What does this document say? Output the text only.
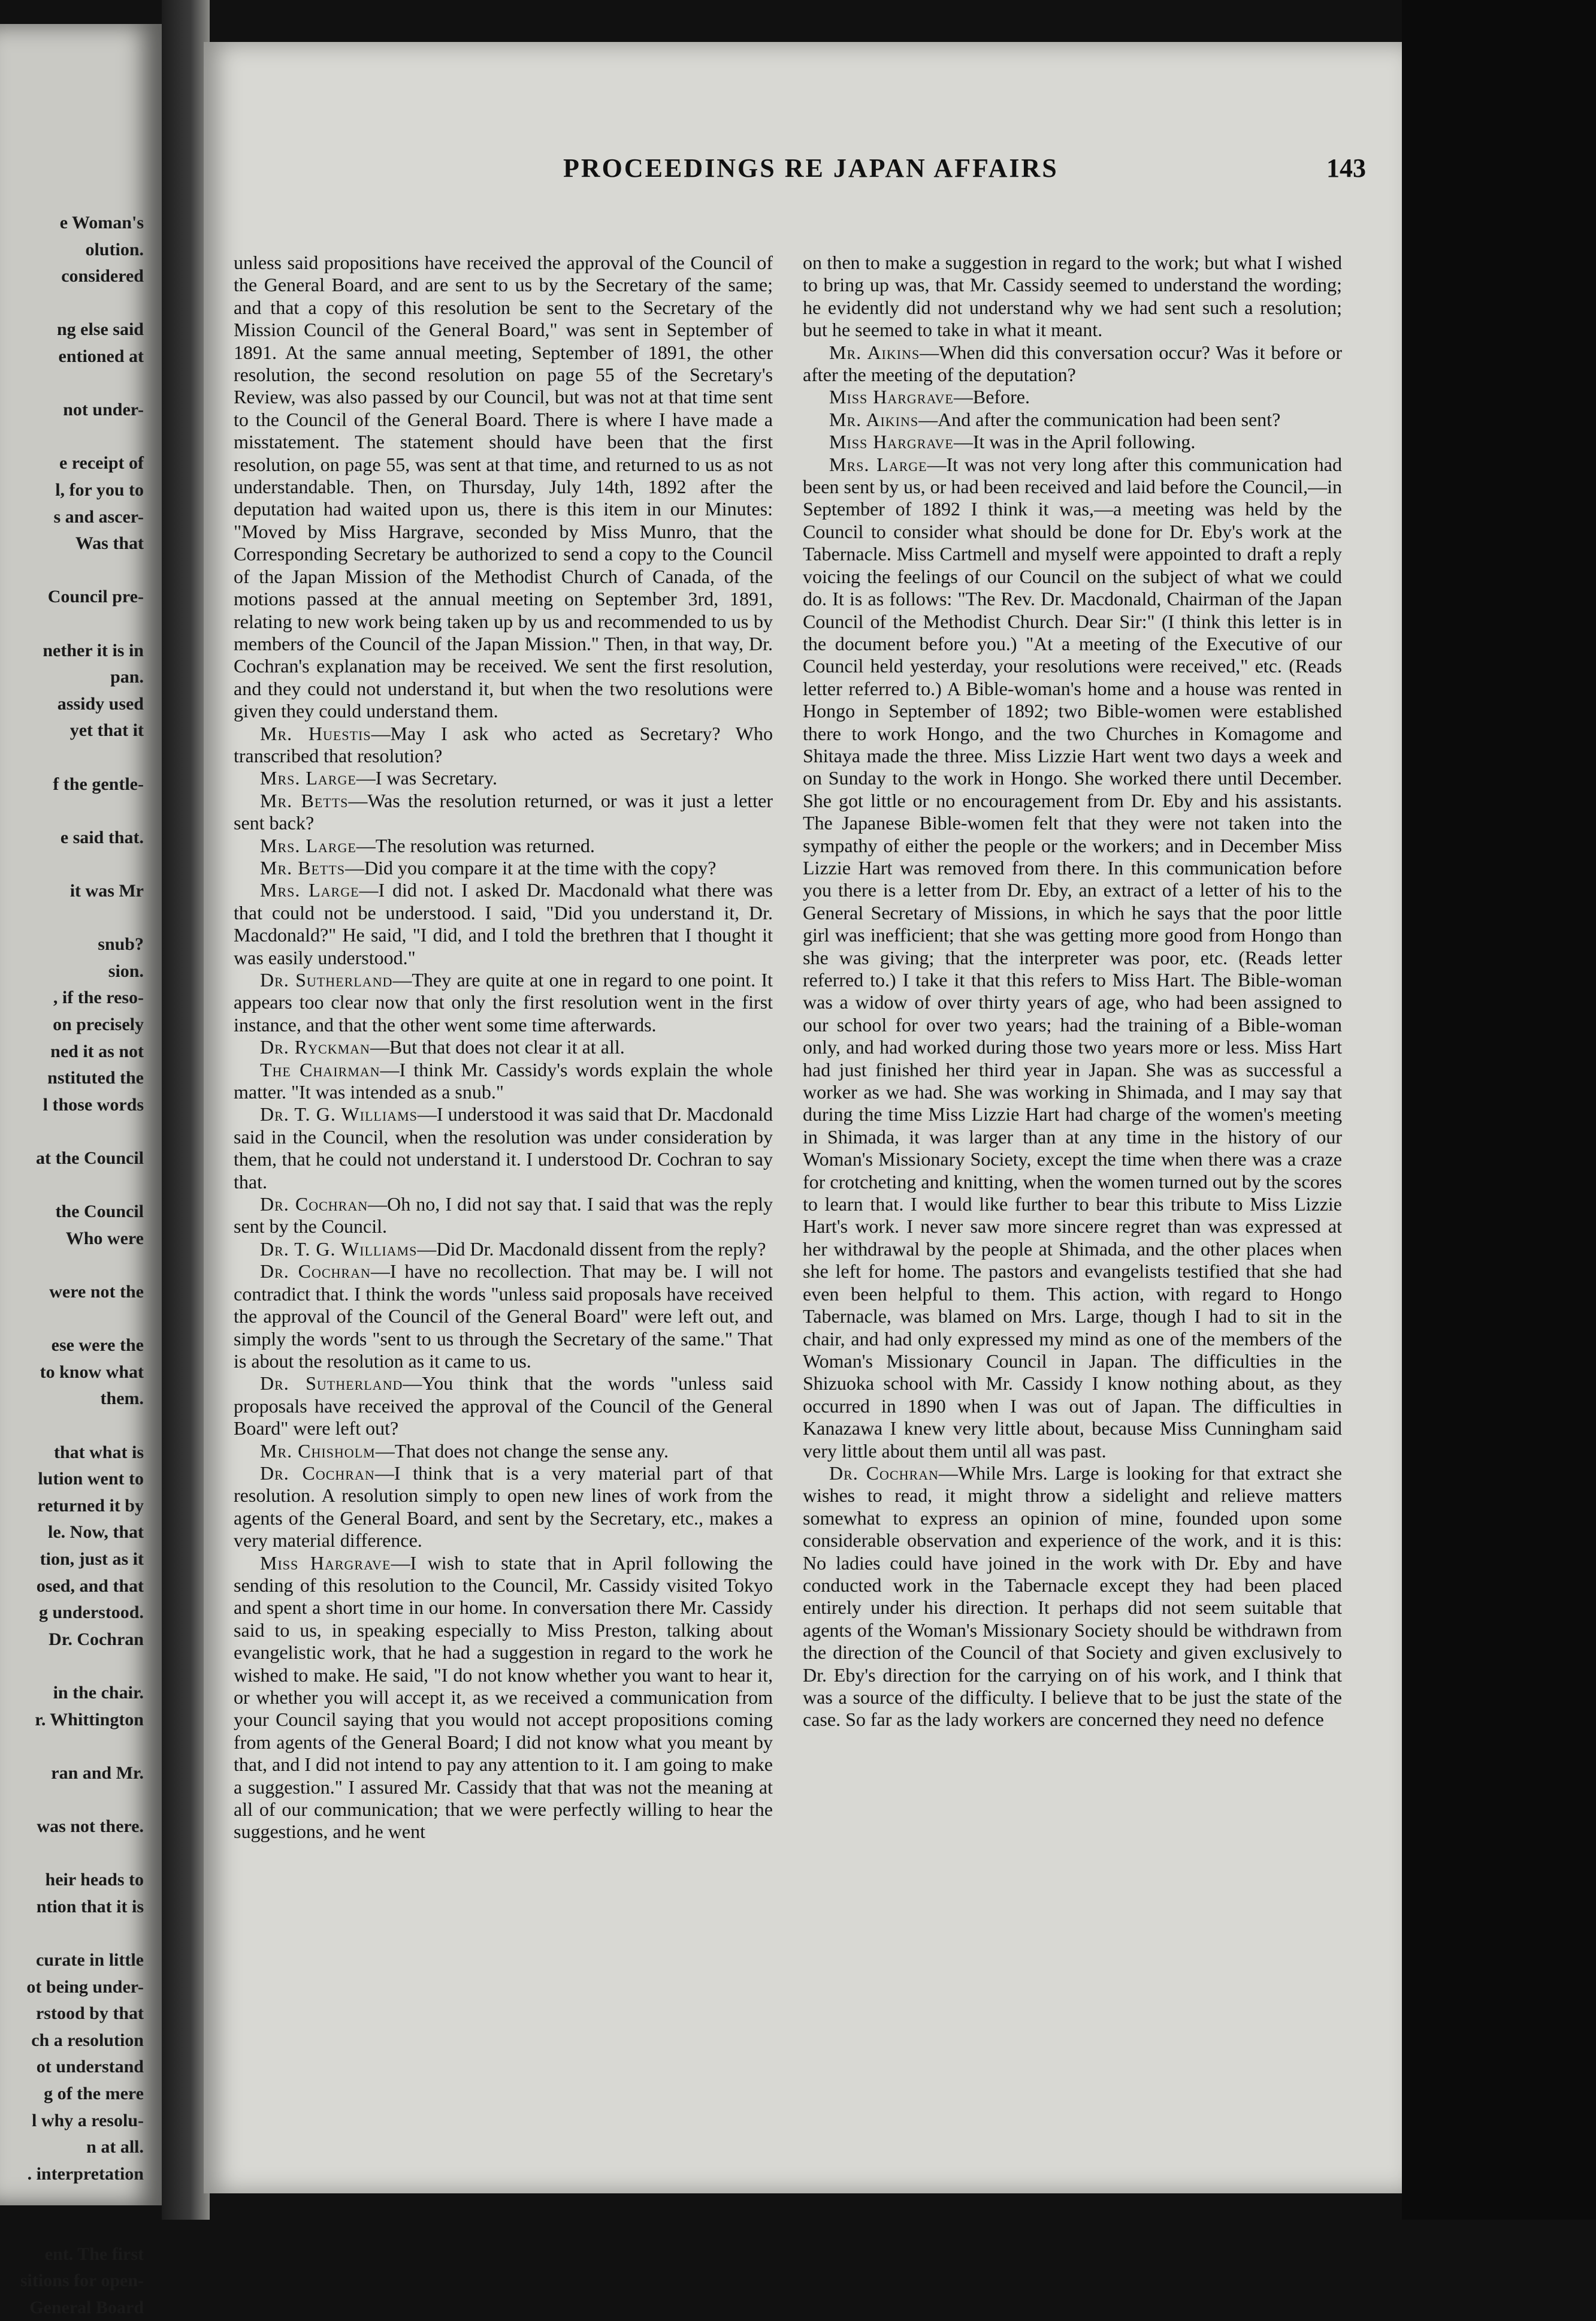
e Woman's
olution.
considered
ng else said
entioned at
not under-
e receipt of
l, for you to
s and ascer-
Was that
Council pre-
nether it is in
pan.
assidy used
yet that it
f the gentle-
e said that.
it was Mr
snub?
sion.
, if the reso-
on precisely
ned it as not
nstituted the
l those words
at the Council
the Council
Who were
were not the
ese were the
to know what
them.
that what is
lution went to
returned it by
le. Now, that
tion, just as it
osed, and that
g understood.
Dr. Cochran
in the chair.
r. Whittington
ran and Mr.
was not there.
heir heads to
ntion that it is
curate in little
ot being under-
rstood by that
ch a resolution
ot understand
g of the mere
l why a resolu-
n at all.
. interpretation
ent. The first
sitions for open-
General Board
PROCEEDINGS RE JAPAN AFFAIRS	143

unless said propositions have received the approval of the Council of the General Board, and are sent to us by the Secretary of the same; and that a copy of this resolution be sent to the Secretary of the Mission Council of the General Board," was sent in September of 1891. At the same annual meeting, September of 1891, the other resolution, the second resolution on page 55 of the Secretary's Review, was also passed by our Council, but was not at that time sent to the Council of the General Board. There is where I have made a misstatement. The statement should have been that the first resolution, on page 55, was sent at that time, and returned to us as not understandable. Then, on Thursday, July 14th, 1892 after the deputation had waited upon us, there is this item in our Minutes: "Moved by Miss Hargrave, seconded by Miss Munro, that the Corresponding Secretary be authorized to send a copy to the Council of the Japan Mission of the Methodist Church of Canada, of the motions passed at the annual meeting on September 3rd, 1891, relating to new work being taken up by us and recommended to us by members of the Council of the Japan Mission." Then, in that way, Dr. Cochran's explanation may be received. We sent the first resolution, and they could not understand it, but when the two resolutions were given they could understand them.

Mr. Huestis—May I ask who acted as Secretary? Who transcribed that resolution?

Mrs. Large—I was Secretary.

Mr. Betts—Was the resolution returned, or was it just a letter sent back?

Mrs. Large—The resolution was returned.

Mr. Betts—Did you compare it at the time with the copy?

Mrs. Large—I did not. I asked Dr. Macdonald what there was that could not be understood. I said, "Did you understand it, Dr. Macdonald?" He said, "I did, and I told the brethren that I thought it was easily understood."

Dr. Sutherland—They are quite at one in regard to one point. It appears too clear now that only the first resolution went in the first instance, and that the other went some time afterwards.

Dr. Ryckman—But that does not clear it at all.

The Chairman—I think Mr. Cassidy's words explain the whole matter. "It was intended as a snub."

Dr. T. G. Williams—I understood it was said that Dr. Macdonald said in the Council, when the resolution was under consideration by them, that he could not understand it. I understood Dr. Cochran to say that.

Dr. Cochran—Oh no, I did not say that. I said that was the reply sent by the Council.

Dr. T. G. Williams—Did Dr. Macdonald dissent from the reply?

Dr. Cochran—I have no recollection. That may be. I will not contradict that. I think the words "unless said proposals have received the approval of the Council of the General Board" were left out, and simply the words "sent to us through the Secretary of the same." That is about the resolution as it came to us.

Dr. Sutherland—You think that the words "unless said proposals have received the approval of the Council of the General Board" were left out?

Mr. Chisholm—That does not change the sense any.

Dr. Cochran—I think that is a very material part of that resolution. A resolution simply to open new lines of work from the agents of the General Board, and sent by the Secretary, etc., makes a very material difference.

Miss Hargrave—I wish to state that in April following the sending of this resolution to the Council, Mr. Cassidy visited Tokyo and spent a short time in our home. In conversation there Mr. Cassidy said to us, in speaking especially to Miss Preston, talking about evangelistic work, that he had a suggestion in regard to the work he wished to make. He said, "I do not know whether you want to hear it, or whether you will accept it, as we received a communication from your Council saying that you would not accept propositions coming from agents of the General Board; I did not know what you meant by that, and I did not intend to pay any attention to it. I am going to make a suggestion." I assured Mr. Cassidy that that was not the meaning at all of our communication; that we were perfectly willing to hear the suggestions, and he went

on then to make a suggestion in regard to the work; but what I wished to bring up was, that Mr. Cassidy seemed to understand the wording; he evidently did not understand why we had sent such a resolution; but he seemed to take in what it meant.

Mr. Aikins—When did this conversation occur? Was it before or after the meeting of the deputation?

Miss Hargrave—Before.

Mr. Aikins—And after the communication had been sent?

Miss Hargrave—It was in the April following.

Mrs. Large—It was not very long after this communication had been sent by us, or had been received and laid before the Council,—in September of 1892 I think it was,—a meeting was held by the Council to consider what should be done for Dr. Eby's work at the Tabernacle. Miss Cartmell and myself were appointed to draft a reply voicing the feelings of our Council on the subject of what we could do. It is as follows: "The Rev. Dr. Macdonald, Chairman of the Japan Council of the Methodist Church. Dear Sir:" (I think this letter is in the document before you.) "At a meeting of the Executive of our Council held yesterday, your resolutions were received," etc. (Reads letter referred to.) A Bible-woman's home and a house was rented in Hongo in September of 1892; two Bible-women were established there to work Hongo, and the two Churches in Komagome and Shitaya made the three. Miss Lizzie Hart went two days a week and on Sunday to the work in Hongo. She worked there until December. She got little or no encouragement from Dr. Eby and his assistants. The Japanese Bible-women felt that they were not taken into the sympathy of either the people or the workers; and in December Miss Lizzie Hart was removed from there. In this communication before you there is a letter from Dr. Eby, an extract of a letter of his to the General Secretary of Missions, in which he says that the poor little girl was inefficient; that she was getting more good from Hongo than she was giving; that the interpreter was poor, etc. (Reads letter referred to.) I take it that this refers to Miss Hart. The Bible-woman was a widow of over thirty years of age, who had been assigned to our school for over two years; had the training of a Bible-woman only, and had worked during those two years more or less. Miss Hart had just finished her third year in Japan. She was as successful a worker as we had. She was working in Shimada, and I may say that during the time Miss Lizzie Hart had charge of the women's meeting in Shimada, it was larger than at any time in the history of our Woman's Missionary Society, except the time when there was a craze for crotcheting and knitting, when the women turned out by the scores to learn that. I would like further to bear this tribute to Miss Lizzie Hart's work. I never saw more sincere regret than was expressed at her withdrawal by the people at Shimada, and the other places when she left for home. The pastors and evangelists testified that she had even been helpful to them. This action, with regard to Hongo Tabernacle, was blamed on Mrs. Large, though I had to sit in the chair, and had only expressed my mind as one of the members of the Woman's Missionary Council in Japan. The difficulties in the Shizuoka school with Mr. Cassidy I know nothing about, as they occurred in 1890 when I was out of Japan. The difficulties in Kanazawa I knew very little about, because Miss Cunningham said very little about them until all was past.

Dr. Cochran—While Mrs. Large is looking for that extract she wishes to read, it might throw a sidelight and relieve matters somewhat to express an opinion of mine, founded upon some considerable observation and experience of the work, and it is this: No ladies could have joined in the work with Dr. Eby and have conducted work in the Tabernacle except they had been placed entirely under his direction. It perhaps did not seem suitable that agents of the Woman's Missionary Society should be withdrawn from the direction of the Council of that Society and given exclusively to Dr. Eby's direction for the carrying on of his work, and I think that was a source of the difficulty. I believe that to be just the state of the case. So far as the lady workers are concerned they need no defence
